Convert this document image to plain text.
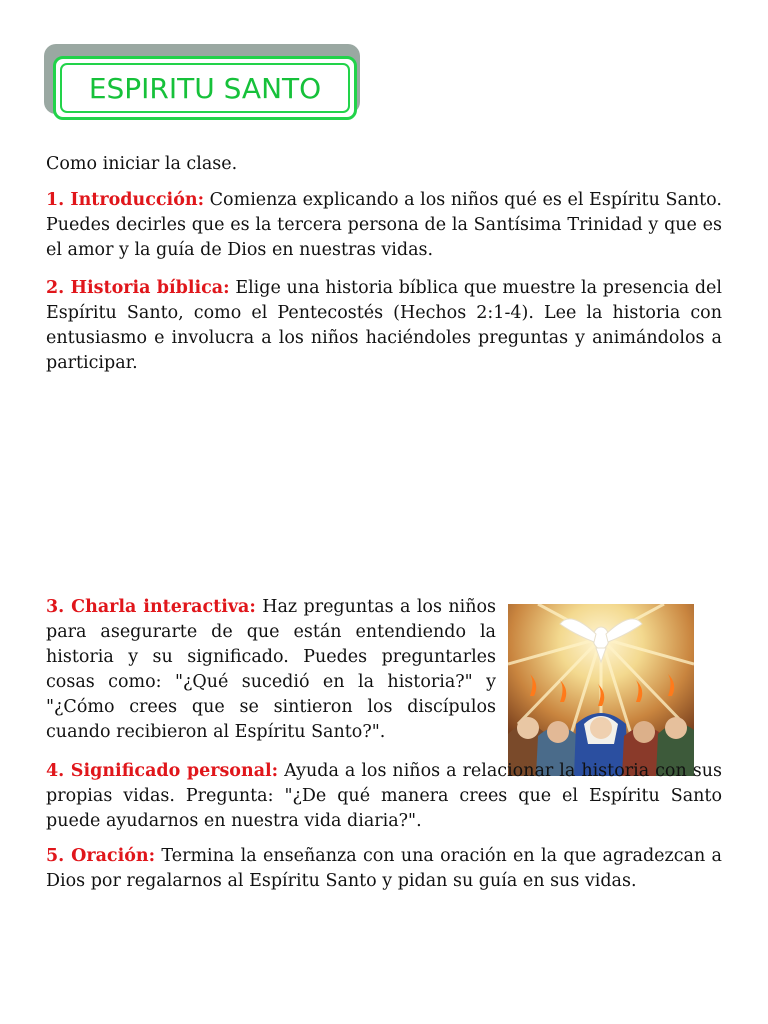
ESPIRITU SANTO

Como iniciar la clase.

1. Introducción: Comienza explicando a los niños qué es el Espíritu Santo. Puedes decirles que es la tercera persona de la Santísima Trinidad y que es el amor y la guía de Dios en nuestras vidas.

2. Historia bíblica: Elige una historia bíblica que muestre la presencia del Espíritu Santo, como el Pentecostés (Hechos 2:1-4). Lee la historia con entusiasmo e involucra a los niños haciéndoles preguntas y animándolos a participar.

3. Charla interactiva: Haz preguntas a los niños para asegurarte de que están entendiendo la historia y su significado. Puedes preguntarles cosas como: "¿Qué sucedió en la historia?" y "¿Cómo crees que se sintieron los discípulos cuando recibieron al Espíritu Santo?".

4. Significado personal: Ayuda a los niños a relacionar la historia con sus propias vidas. Pregunta: "¿De qué manera crees que el Espíritu Santo puede ayudarnos en nuestra vida diaria?".

5. Oración: Termina la enseñanza con una oración en la que agradezcan a Dios por regalarnos al Espíritu Santo y pidan su guía en sus vidas.
